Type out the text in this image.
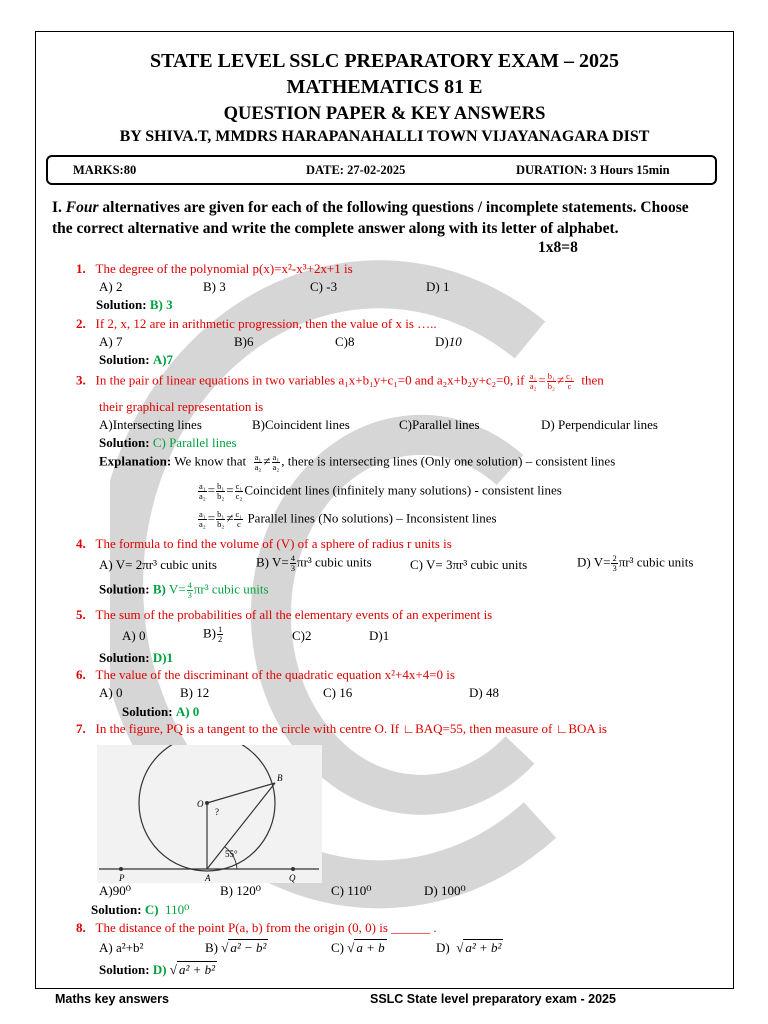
STATE LEVEL SSLC PREPARATORY EXAM – 2025
MATHEMATICS 81 E
QUESTION PAPER & KEY ANSWERS
BY SHIVA.T, MMDRS HARAPANAHALLI TOWN VIJAYANAGARA DIST
MARKS:80	DATE: 27-02-2025	DURATION: 3 Hours 15min
I. Four alternatives are given for each of the following questions / incomplete statements. Choose the correct alternative and write the complete answer along with its letter of alphabet.
1x8=8
1. The degree of the polynomial p(x)=x²-x³+2x+1 is
A) 2	B) 3	C) -3	D) 1
Solution: B) 3
2. If 2, x, 12 are in arithmetic progression, then the value of x is …..
A) 7	B)6	C)8	D)10
Solution: A)7
3. In the pair of linear equations in two variables a₁x+b₁y+c₁=0 and a₂x+b₂y+c₂=0, if $\frac{\text{a₁}}{\text{a₂}} = \frac{\text{b₁}}{\text{b₂}} \ne \frac{\text{c₁}}{c}$ then
their graphical representation is
A)Intersecting lines	B)Coincident lines	C)Parallel lines	D) Perpendicular lines
Solution: C) Parallel lines
Explanation: We know that $\frac{\text{a₁}}{\text{a₂}} \ne \frac{\text{a₁}}{\text{a₂}}$ , there is intersecting lines (Only one solution) – consistent lines
$\frac{\text{a₁}}{\text{a₂}} = \frac{\text{b₁}}{\text{b₂}} = \frac{\text{c₁}}{\text{c₂}}$ Coincident lines (infinitely many solutions) - consistent lines
$\frac{\text{a₁}}{\text{a₂}} = \frac{\text{b₁}}{\text{b₂}} \ne \frac{\text{c₁}}{c}$ Parallel lines (No solutions) – Inconsistent lines
4. The formula to find the volume of (V) of a sphere of radius r units is
A) V= 2πr³ cubic units	B) $V= \frac{4}{3} \pi r^3$ cubic units	C) V= 3πr³ cubic units	D) $V= \frac{2}{3} \pi r^3$ cubic units
Solution: B) $V= \frac{4}{3} \pi r^3$ cubic units
5. The sum of the probabilities of all the elementary events of an experiment is
A) 0	$B) \frac{1}{2}$	C)2	D)1
Solution: D)1
6. The value of the discriminant of the quadratic equation x²+4x+4=0 is
A) 0	B) 12	C) 16	D) 48
Solution: A) 0
7. In the figure, PQ is a tangent to the circle with centre O. If ∟BAQ=55, then measure of ∟BOA is
O
?
B
55°
A
P	Q
A)90⁰	B) 120⁰	C) 110⁰	D) 100⁰
Solution: C) 110⁰
8. The distance of the point P(a, b) from the origin (0, 0) is ______ .
A) a²+b²	B) √ a² − b²	C) √ a + b	D) √ a² + b²
Solution: D) √ a² + b²
Maths key answers	SSLC State level preparatory exam - 2025
